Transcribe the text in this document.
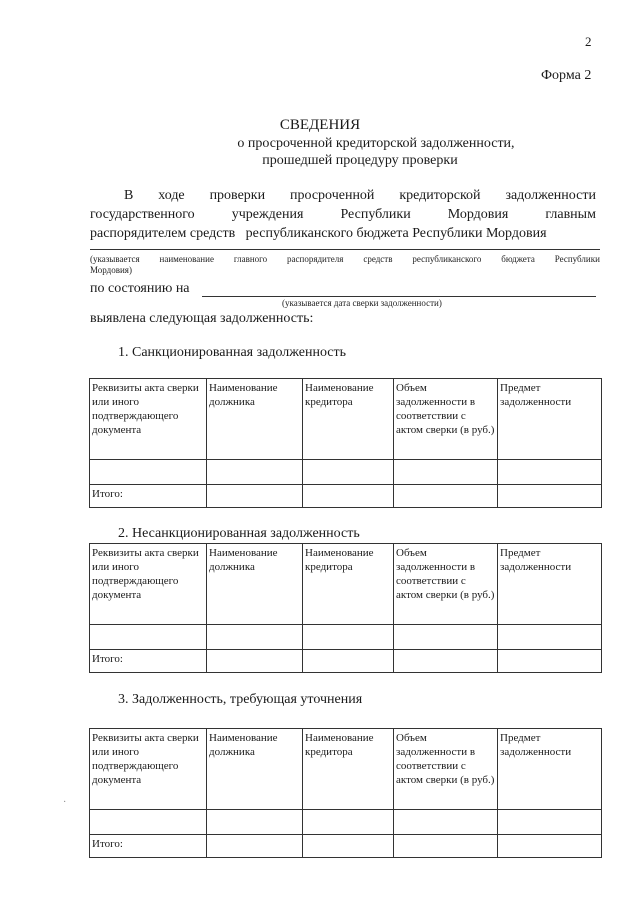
2
Форма 2
СВЕДЕНИЯ
о просроченной кредиторской задолженности,
прошедшей процедуру проверки
В ходе проверки просроченной кредиторской задолженности
государственного	учреждения	Республики	Мордовия	главным
распорядителем средств   республиканского бюджета Республики Мордовия
(указывается наименование главного распорядителя средств республиканского бюджета Республики
Мордовия)
по состоянию на
(указывается дата сверки задолженности)
выявлена следующая задолженность:
1. Санкционированная задолженность
Реквизиты акта сверки или иного подтверждающего документа	Наименование должника	Наименование кредитора	Объем задолженности в соответствии с актом сверки (в руб.)	Предмет задолженности

Итого:				
2. Несанкционированная задолженность
Реквизиты акта сверки или иного подтверждающего документа	Наименование должника	Наименование кредитора	Объем задолженности в соответствии с актом сверки (в руб.)	Предмет задолженности

Итого:				
3. Задолженность, требующая уточнения
Реквизиты акта сверки или иного подтверждающего документа	Наименование должника	Наименование кредитора	Объем задолженности в соответствии с актом сверки (в руб.)	Предмет задолженности

Итого:				
·
